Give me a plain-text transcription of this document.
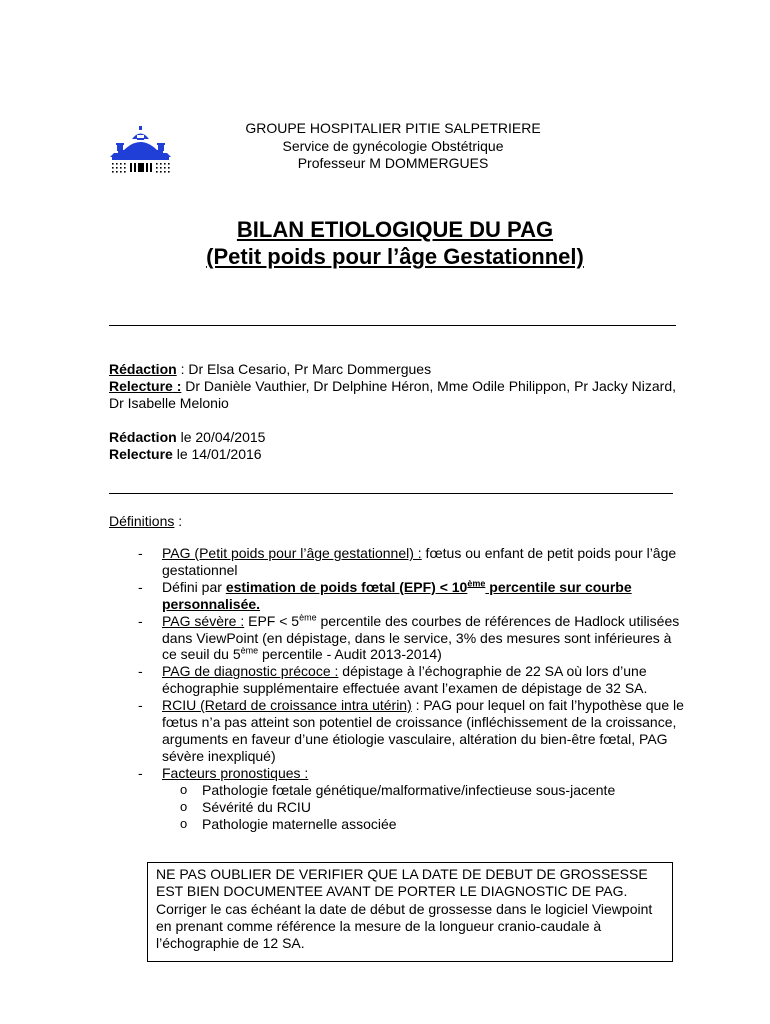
GROUPE HOSPITALIER PITIE SALPETRIERE
Service de gynécologie Obstétrique
Professeur M DOMMERGUES
BILAN ETIOLOGIQUE DU PAG
(Petit poids pour l’âge Gestationnel)
Rédaction : Dr Elsa Cesario, Pr Marc Dommergues
Relecture : Dr Danièle Vauthier, Dr Delphine Héron, Mme Odile Philippon, Pr Jacky Nizard, Dr Isabelle Melonio
Rédaction le 20/04/2015
Relecture le 14/01/2016
Définitions :
- PAG (Petit poids pour l’âge gestationnel) : fœtus ou enfant de petit poids pour l’âge gestationnel
- Défini par estimation de poids fœtal (EPF) < 10ème percentile sur courbe personnalisée.
- PAG sévère : EPF < 5ème percentile des courbes de références de Hadlock utilisées dans ViewPoint (en dépistage, dans le service, 3% des mesures sont inférieures à ce seuil du 5ème percentile - Audit 2013-2014)
- PAG de diagnostic précoce : dépistage à l’échographie de 22 SA où lors d’une échographie supplémentaire effectuée avant l’examen de dépistage de 32 SA.
- RCIU (Retard de croissance intra utérin) : PAG pour lequel on fait l’hypothèse que le fœtus n’a pas atteint son potentiel de croissance (infléchissement de la croissance, arguments en faveur d’une étiologie vasculaire, altération du bien-être fœtal, PAG sévère inexpliqué)
- Facteurs pronostiques :
o Pathologie fœtale génétique/malformative/infectieuse sous-jacente
o Sévérité du RCIU
o Pathologie maternelle associée
NE PAS OUBLIER DE VERIFIER QUE LA DATE DE DEBUT DE GROSSESSE EST BIEN DOCUMENTEE AVANT DE PORTER LE DIAGNOSTIC DE PAG.
Corriger le cas échéant la date de début de grossesse dans le logiciel Viewpoint en prenant comme référence la mesure de la longueur cranio-caudale à l’échographie de 12 SA.
